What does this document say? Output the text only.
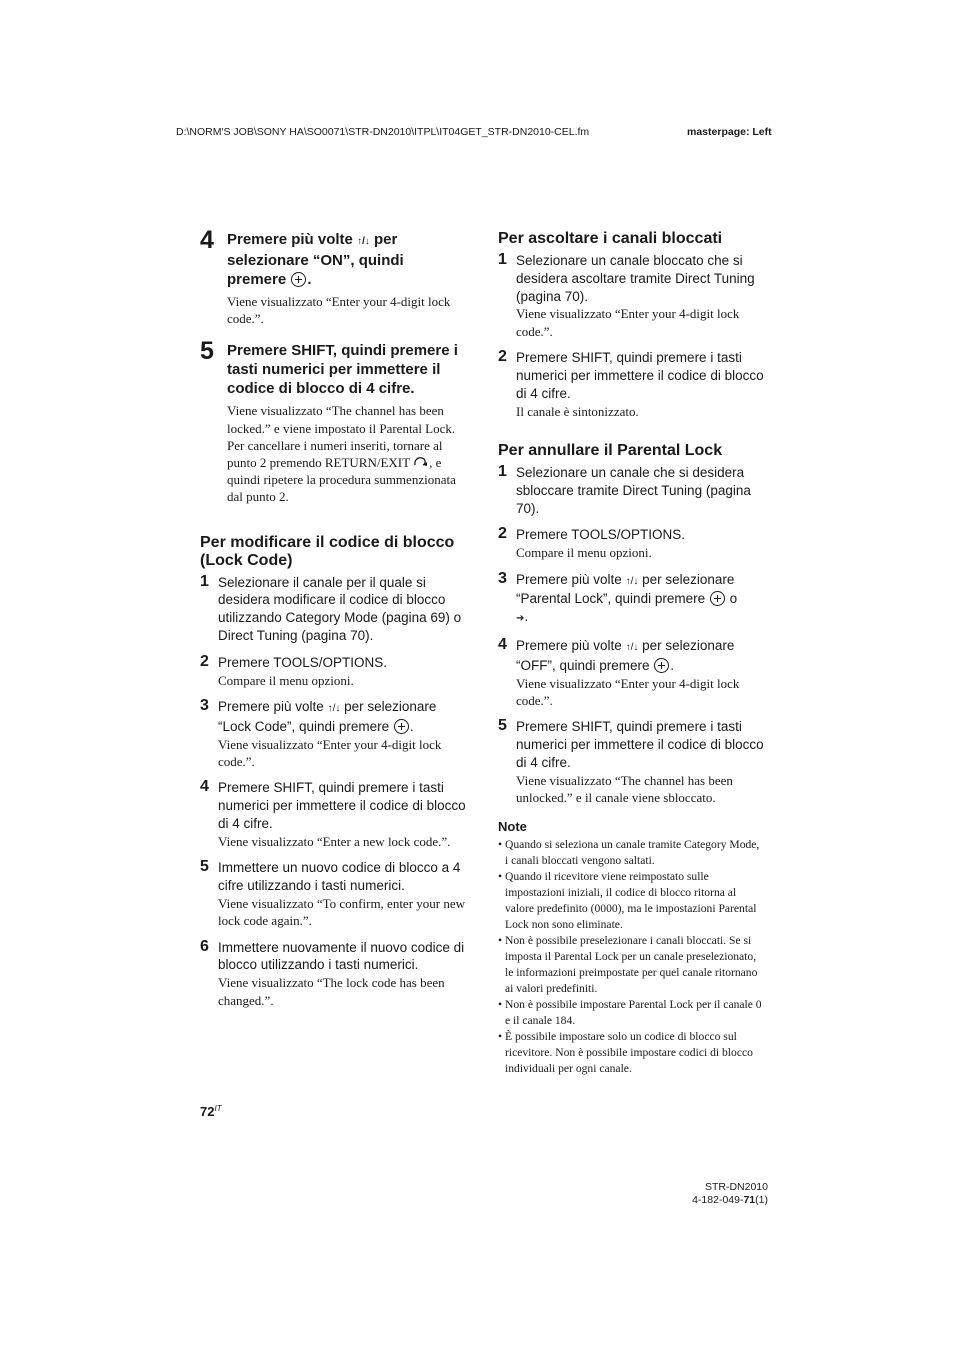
D:\NORM'S JOB\SONY HA\SO0071\STR-DN2010\ITPL\IT04GET_STR-DN2010-CEL.fm	masterpage: Left
4 Premere più volte ↑/↓ per selezionare “ON”, quindi premere .
Viene visualizzato “Enter your 4-digit lock code.”.
5 Premere SHIFT, quindi premere i tasti numerici per immettere il codice di blocco di 4 cifre.
Viene visualizzato “The channel has been locked.” e viene impostato il Parental Lock.
Per cancellare i numeri inseriti, tornare al punto 2 premendo RETURN/EXIT , e quindi ripetere la procedura summenzionata dal punto 2.
Per modificare il codice di blocco (Lock Code)
1 Selezionare il canale per il quale si desidera modificare il codice di blocco utilizzando Category Mode (pagina 69) o Direct Tuning (pagina 70).
2 Premere TOOLS/OPTIONS.
Compare il menu opzioni.
3 Premere più volte ↑/↓ per selezionare “Lock Code”, quindi premere .
Viene visualizzato “Enter your 4-digit lock code.”.
4 Premere SHIFT, quindi premere i tasti numerici per immettere il codice di blocco di 4 cifre.
Viene visualizzato “Enter a new lock code.”.
5 Immettere un nuovo codice di blocco a 4 cifre utilizzando i tasti numerici.
Viene visualizzato “To confirm, enter your new lock code again.”.
6 Immettere nuovamente il nuovo codice di blocco utilizzando i tasti numerici.
Viene visualizzato “The lock code has been changed.”.
Per ascoltare i canali bloccati
1 Selezionare un canale bloccato che si desidera ascoltare tramite Direct Tuning (pagina 70).
Viene visualizzato “Enter your 4-digit lock code.”.
2 Premere SHIFT, quindi premere i tasti numerici per immettere il codice di blocco di 4 cifre.
Il canale è sintonizzato.
Per annullare il Parental Lock
1 Selezionare un canale che si desidera sbloccare tramite Direct Tuning (pagina 70).
2 Premere TOOLS/OPTIONS.
Compare il menu opzioni.
3 Premere più volte ↑/↓ per selezionare “Parental Lock”, quindi premere  o
➔.
4 Premere più volte ↑/↓ per selezionare “OFF”, quindi premere .
Viene visualizzato “Enter your 4-digit lock code.”.
5 Premere SHIFT, quindi premere i tasti numerici per immettere il codice di blocco di 4 cifre.
Viene visualizzato “The channel has been unlocked.” e il canale viene sbloccato.
Note
• Quando si seleziona un canale tramite Category Mode, i canali bloccati vengono saltati.
• Quando il ricevitore viene reimpostato sulle impostazioni iniziali, il codice di blocco ritorna al valore predefinito (0000), ma le impostazioni Parental Lock non sono eliminate.
• Non è possibile preselezionare i canali bloccati. Se si imposta il Parental Lock per un canale preselezionato, le informazioni preimpostate per quel canale ritornano ai valori predefiniti.
• Non è possibile impostare Parental Lock per il canale 0 e il canale 184.
• È possibile impostare solo un codice di blocco sul ricevitore. Non è possibile impostare codici di blocco individuali per ogni canale.
$72^{IT}$
STR-DN2010
4-182-049-71(1)
